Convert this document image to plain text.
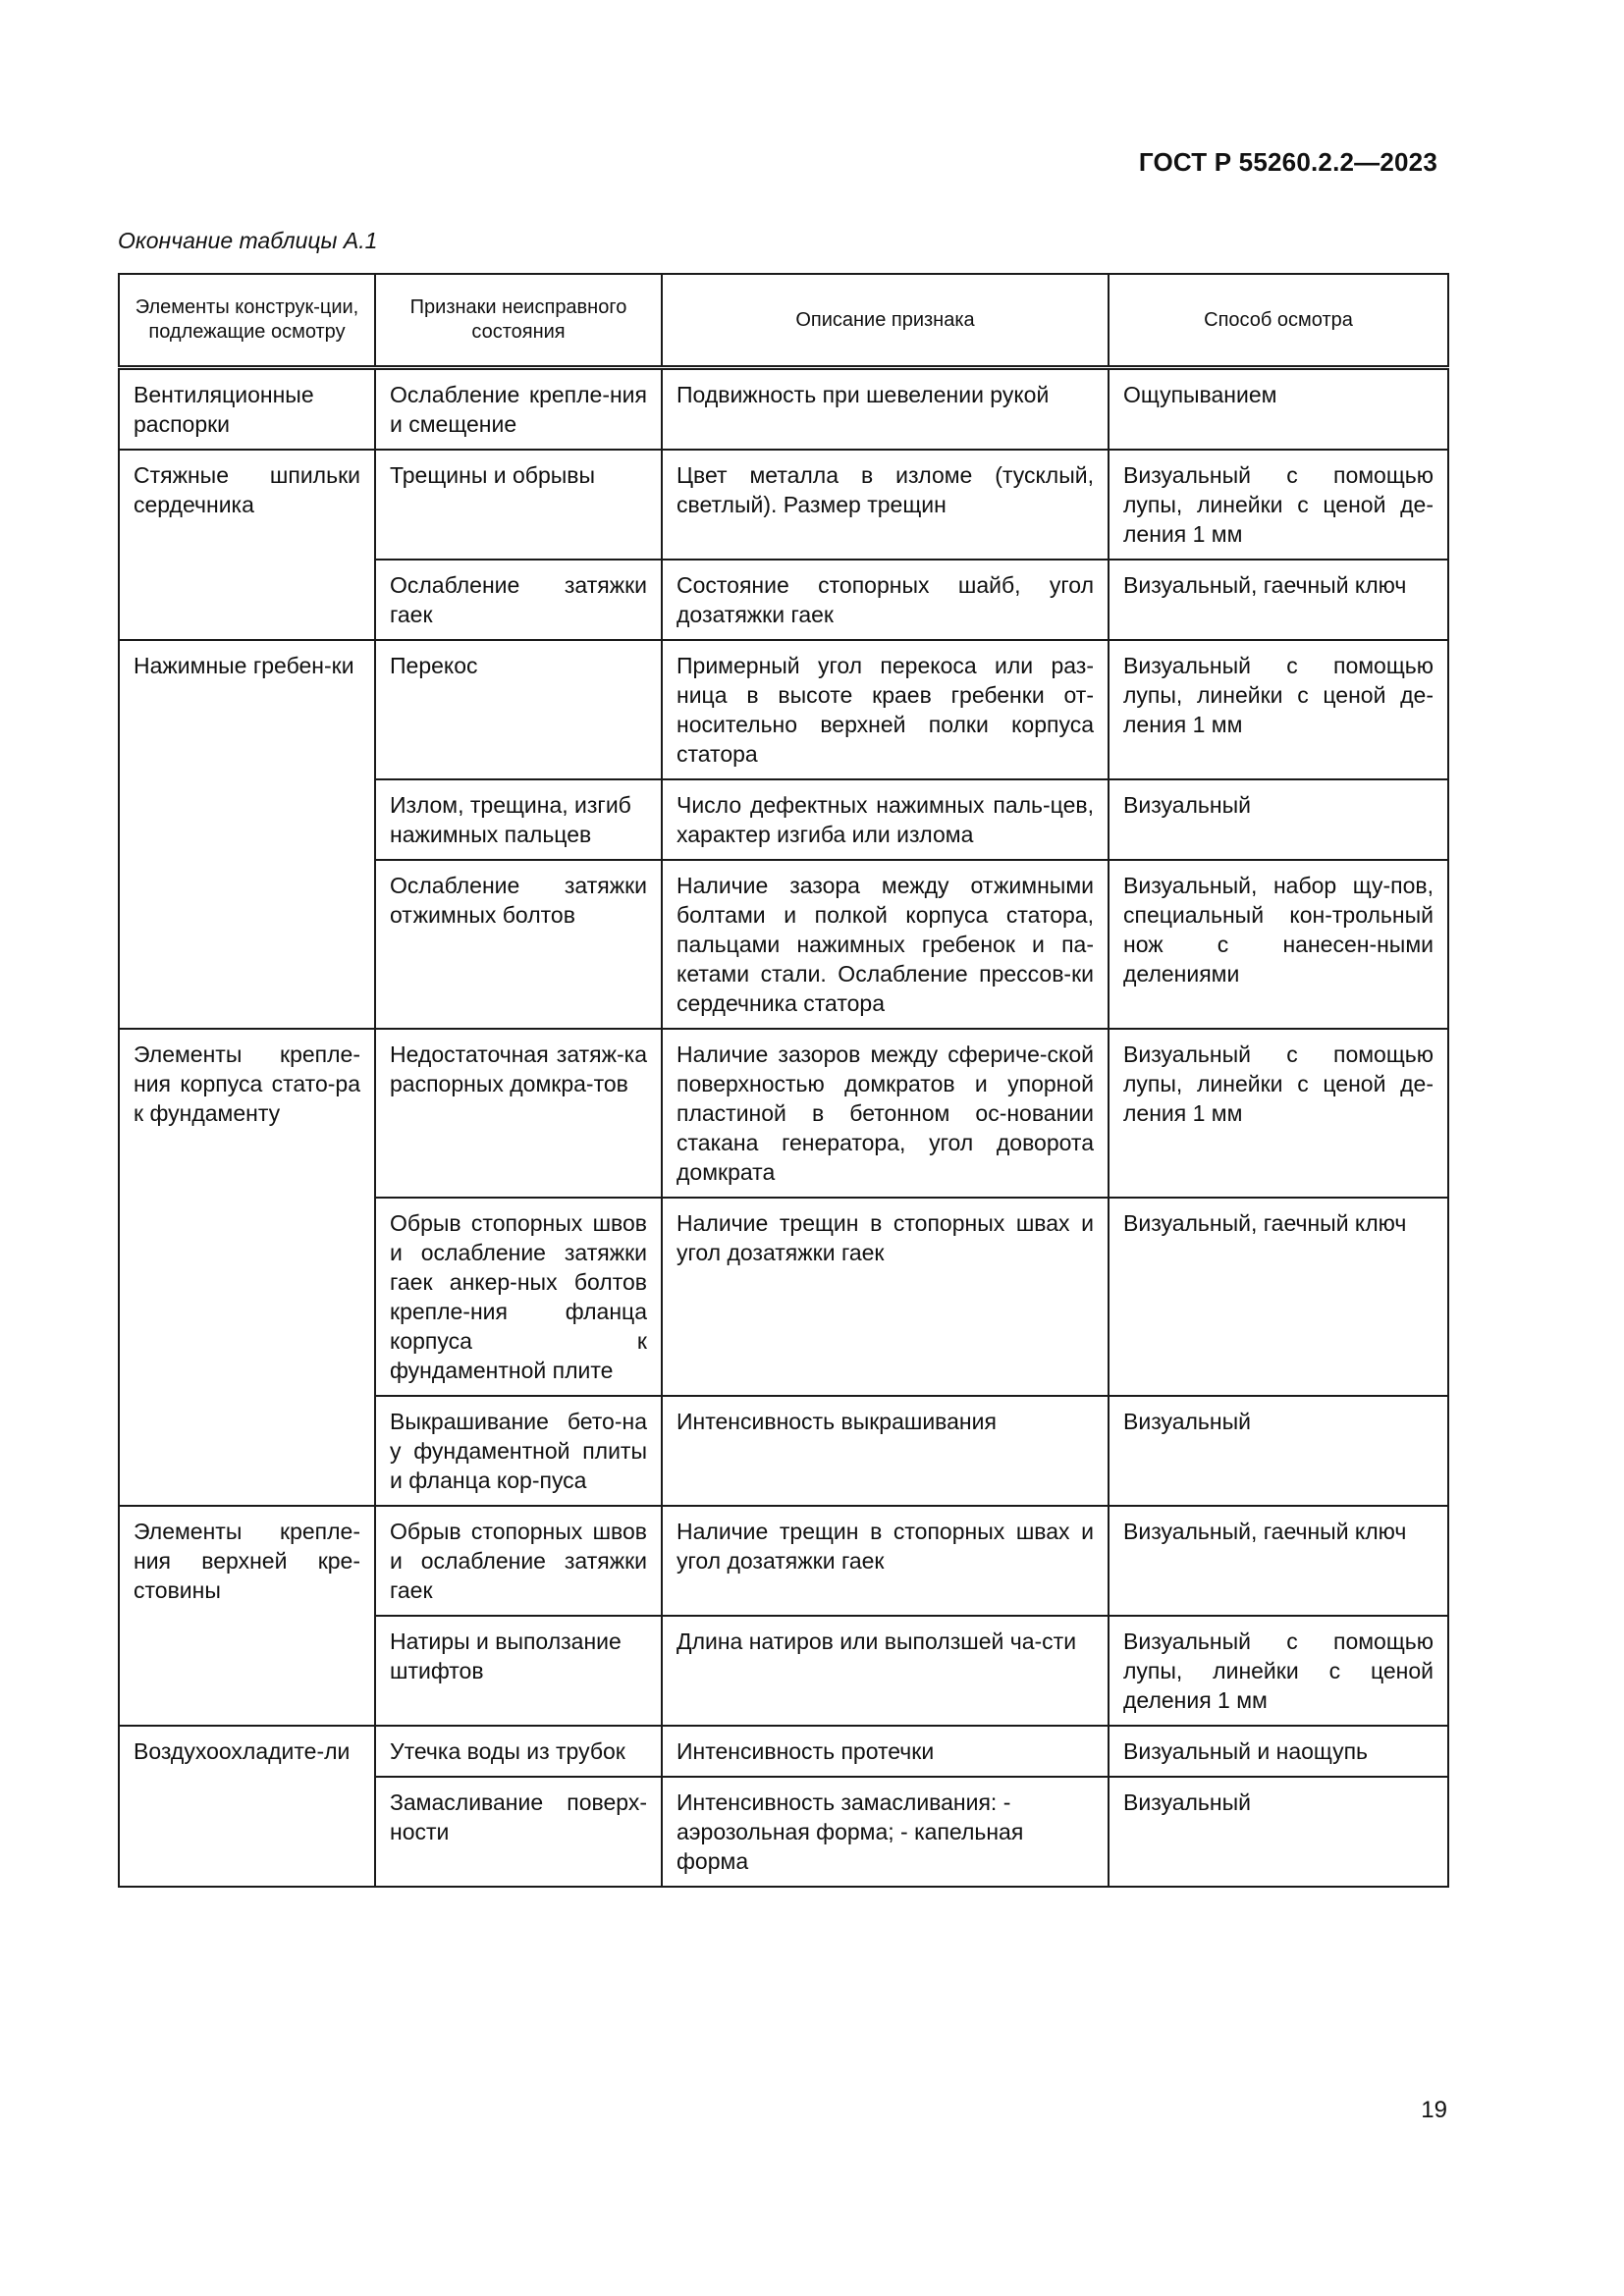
ГОСТ Р 55260.2.2—2023
Окончание таблицы А.1
Элементы конструк-ции, подлежащие осмотру	Признаки неисправного состояния	Описание признака	Способ осмотра
Вентиляционные распорки	Ослабление крепле-ния и смещение	Подвижность при шевелении рукой	Ощупыванием
Стяжные шпильки сердечника	Трещины и обрывы	Цвет металла в изломе (тусклый, светлый). Размер трещин	Визуальный с помощью лупы, линейки с ценой де-ления 1 мм
	Ослабление затяжки гаек	Состояние стопорных шайб, угол дозатяжки гаек	Визуальный, гаечный ключ
Нажимные гребен-ки	Перекос	Примерный угол перекоса или раз-ница в высоте краев гребенки от-носительно верхней полки корпуса статора	Визуальный с помощью лупы, линейки с ценой де-ления 1 мм
	Излом, трещина, изгиб нажимных пальцев	Число дефектных нажимных паль-цев, характер изгиба или излома	Визуальный
	Ослабление затяжки отжимных болтов	Наличие зазора между отжимными болтами и полкой корпуса статора, пальцами нажимных гребенок и па-кетами стали. Ослабление прессов-ки сердечника статора	Визуальный, набор щу-пов, специальный кон-трольный нож с нанесен-ными делениями
Элементы крепле-ния корпуса стато-ра к фундаменту	Недостаточная затяж-ка распорных домкра-тов	Наличие зазоров между сфериче-ской поверхностью домкратов и упорной пластиной в бетонном ос-новании стакана генератора, угол доворота домкрата	Визуальный с помощью лупы, линейки с ценой де-ления 1 мм
	Обрыв стопорных швов и ослабление затяжки гаек анкер-ных болтов крепле-ния фланца корпуса к фундаментной плите	Наличие трещин в стопорных швах и угол дозатяжки гаек	Визуальный, гаечный ключ
	Выкрашивание бето-на у фундаментной плиты и фланца кор-пуса	Интенсивность выкрашивания	Визуальный
Элементы крепле-ния верхней кре-стовины	Обрыв стопорных швов и ослабление затяжки гаек	Наличие трещин в стопорных швах и угол дозатяжки гаек	Визуальный, гаечный ключ
	Натиры и выползание штифтов	Длина натиров или выползшей ча-сти	Визуальный с помощью лупы, линейки с ценой деления 1 мм
Воздухоохладите-ли	Утечка воды из трубок	Интенсивность протечки	Визуальный и наощупь
	Замасливание поверх-ности	Интенсивность замасливания: - аэрозольная форма; - капельная форма	Визуальный
19
